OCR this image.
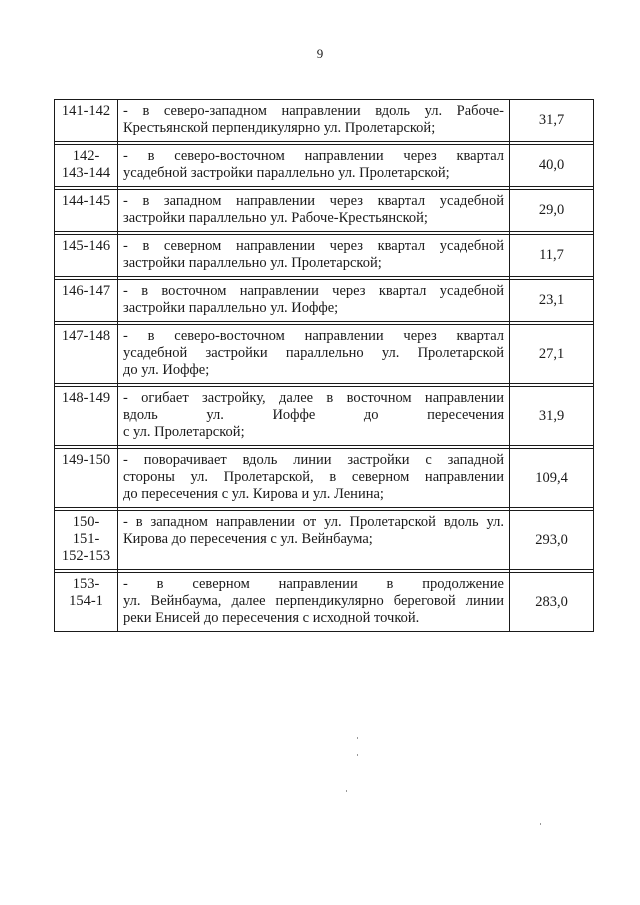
9
141-142	- в северо-западном направлении вдоль ул. Рабоче-
Крестьянской перпендикулярно ул. Пролетарской;	31,7

142-
143-144	- в северо-восточном направлении через квартал
усадебной застройки параллельно ул. Пролетарской;	40,0

144-145	- в западном направлении через квартал усадебной
застройки параллельно ул. Рабоче-Крестьянской;	29,0

145-146	- в северном направлении через квартал усадебной
застройки параллельно ул. Пролетарской;	11,7

146-147	- в восточном направлении через квартал усадебной
застройки параллельно ул. Иоффе;	23,1

147-148	- в северо-восточном направлении через квартал
усадебной застройки параллельно ул. Пролетарской
до ул. Иоффе;	27,1

148-149	- огибает застройку, далее в восточном направлении
вдоль ул. Иоффе до пересечения
с ул. Пролетарской;	31,9

149-150	- поворачивает вдоль линии застройки с западной
стороны ул. Пролетарской, в северном направлении
до пересечения с ул. Кирова и ул. Ленина;	109,4

150-
151-
152-153	- в западном направлении от ул. Пролетарской вдоль ул.
Кирова до пересечения с ул. Вейнбаума;	293,0

153-
154-1	- в северном направлении в продолжение
ул. Вейнбаума, далее перпендикулярно береговой линии
реки Енисей до пересечения с исходной точкой.	283,0
